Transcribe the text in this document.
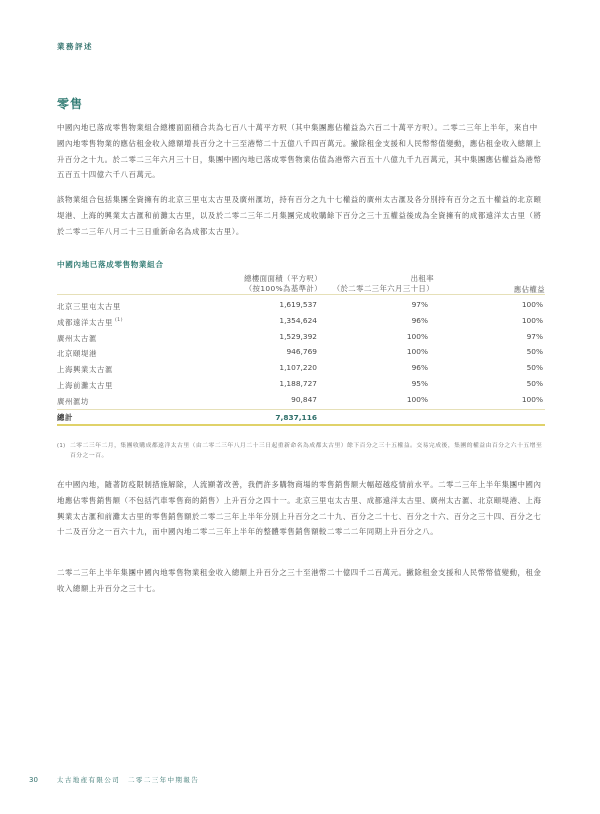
業務評述
零售

中國內地已落成零售物業組合總樓面面積合共為七百八十萬平方呎（其中集團應佔權益為六百二十萬平方呎）。二零二三年上半年，來自中國內地零售物業的應佔租金收入總額增長百分之十三至港幣二十五億八千四百萬元。撇除租金支援和人民幣幣值變動，應佔租金收入總額上升百分之十九。於二零二三年六月三十日，集團中國內地已落成零售物業估值為港幣六百五十八億九千九百萬元，其中集團應佔權益為港幣五百五十四億六千八百萬元。

該物業組合包括集團全資擁有的北京三里屯太古里及廣州滙坊，持有百分之九十七權益的廣州太古滙及各分別持有百分之五十權益的北京頤堤港、上海的興業太古滙和前灘太古里，以及於二零二三年二月集團完成收購餘下百分之三十五權益後成為全資擁有的成都遠洋太古里（將於二零二三年八月二十三日重新命名為成都太古里）。

中國內地已落成零售物業組合
總樓面面積（平方呎）
（按100%為基準計）
出租率
（於二零二三年六月三十日）	應佔權益
北京三里屯太古里	1,619,537	97%	100%
成都遠洋太古里 $^{(1)}$	1,354,624	96%	100%
廣州太古滙	1,529,392	100%	97%
北京頤堤港	946,769	100%	50%
上海興業太古滙	1,107,220	96%	50%
上海前灘太古里	1,188,727	95%	50%
廣州滙坊	90,847	100%	100%
總計	7,837,116
(1) 二零二三年二月，集團收購成都遠洋太古里（由二零二三年八月二十三日起重新命名為成都太古里）餘下百分之三十五權益。交易完成後，集團的權益由百分之六十五增至百分之一百。

在中國內地，隨著防疫限制措施解除，人流顯著改善，我們許多購物商場的零售銷售額大幅超越疫情前水平。二零二三年上半年集團中國內地應佔零售銷售額（不包括汽車零售商的銷售）上升百分之四十一。北京三里屯太古里、成都遠洋太古里、廣州太古滙、北京頤堤港、上海興業太古滙和前灘太古里的零售銷售額於二零二三年上半年分別上升百分之二十九、百分之二十七、百分之十六、百分之三十四、百分之七十二及百分之一百六十九，而中國內地二零二三年上半年的整體零售銷售額較二零二二年同期上升百分之八。

二零二三年上半年集團中國內地零售物業租金收入總額上升百分之三十至港幣二十億四千二百萬元。撇除租金支援和人民幣幣值變動，租金收入總額上升百分之三十七。

30	太古地產有限公司　二零二三年中期報告
